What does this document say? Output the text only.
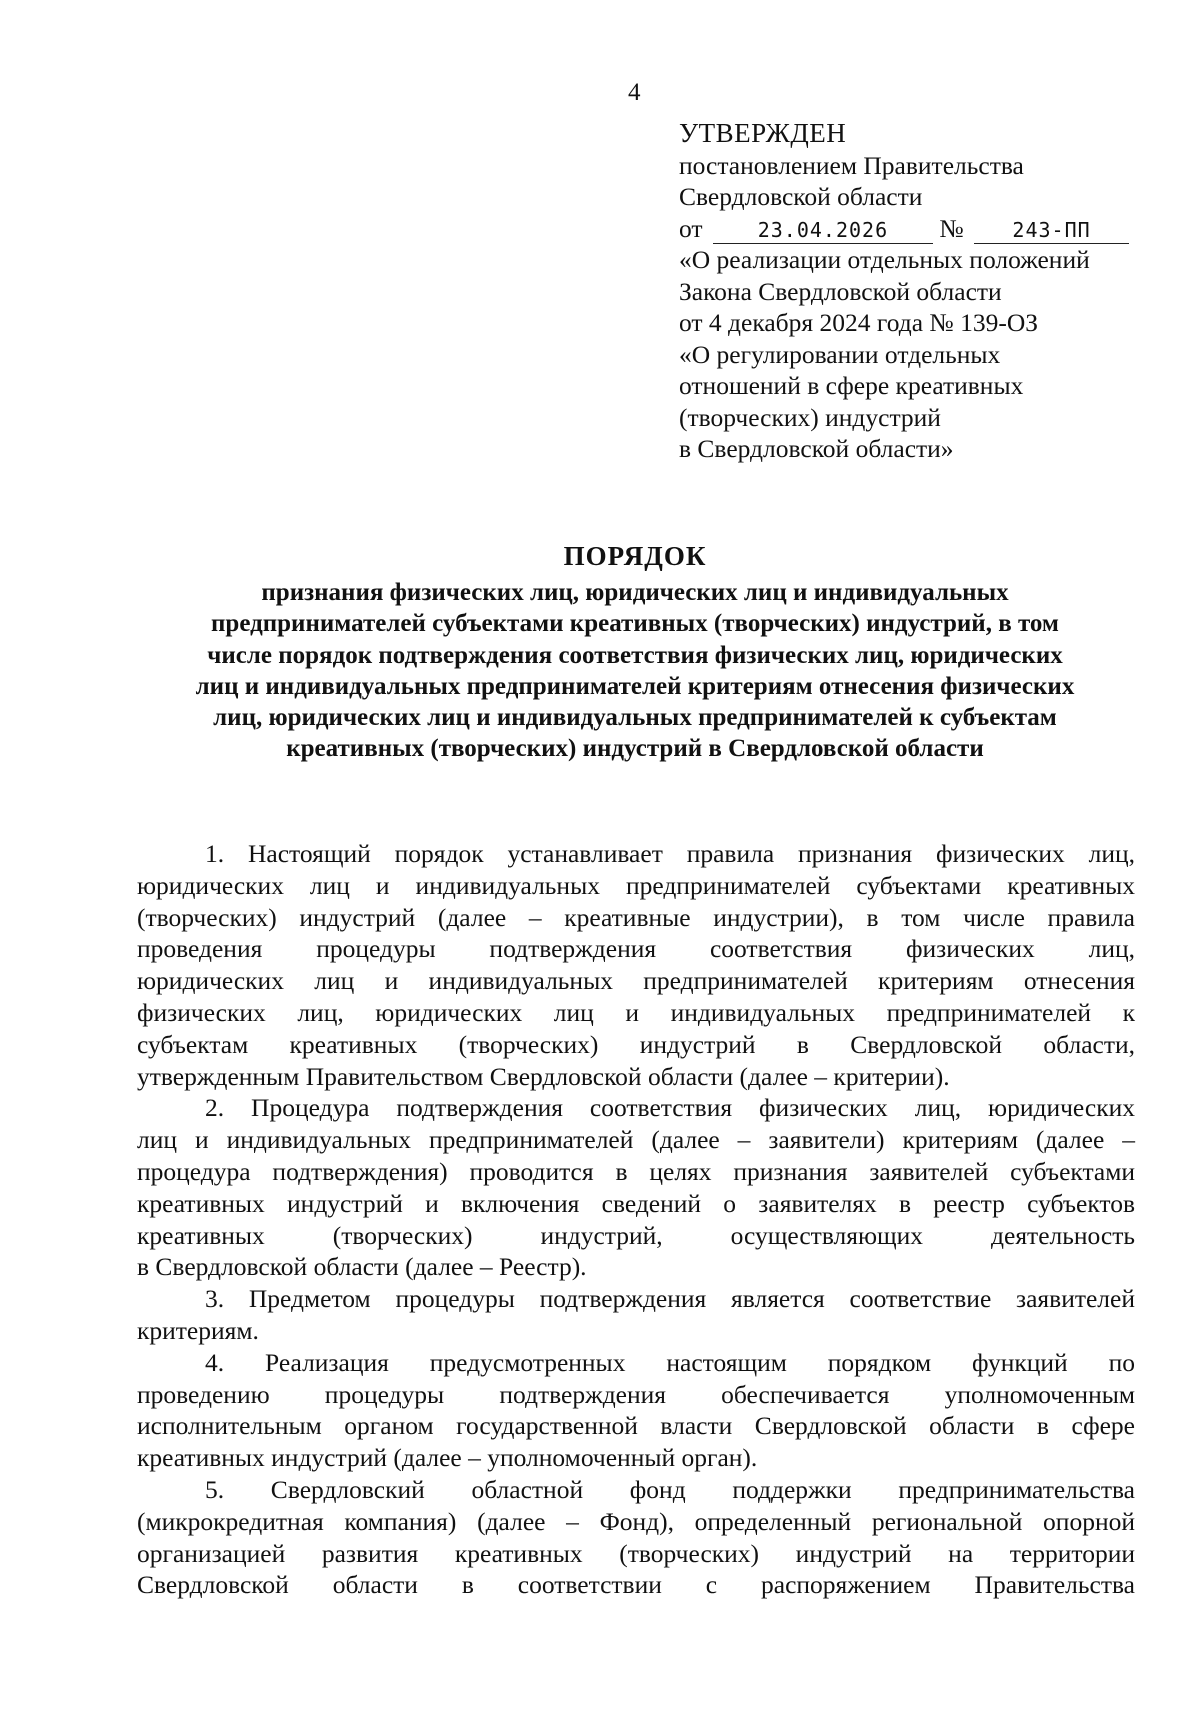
4
УТВЕРЖДЕН
постановлением Правительства
Свердловской области
от	23.04.2026 № 243-ПП
«О реализации отдельных положений
Закона Свердловской области
от 4 декабря 2024 года № 139-ОЗ
«О регулировании отдельных
отношений в сфере креативных
(творческих) индустрий
в Свердловской области»
ПОРЯДОК
признания физических лиц, юридических лиц и индивидуальных
предпринимателей субъектами креативных (творческих) индустрий, в том
числе порядок подтверждения соответствия физических лиц, юридических
лиц и индивидуальных предпринимателей критериям отнесения физических
лиц, юридических лиц и индивидуальных предпринимателей к субъектам
креативных (творческих) индустрий в Свердловской области
1. Настоящий порядок устанавливает правила признания физических лиц,
юридических лиц и индивидуальных предпринимателей субъектами креативных
(творческих) индустрий (далее – креативные индустрии), в том числе правила
проведения процедуры подтверждения соответствия физических лиц,
юридических лиц и индивидуальных предпринимателей критериям отнесения
физических лиц, юридических лиц и индивидуальных предпринимателей к
субъектам креативных (творческих) индустрий в Свердловской области,
утвержденным Правительством Свердловской области (далее – критерии).
2. Процедура подтверждения соответствия физических лиц, юридических
лиц и индивидуальных предпринимателей (далее – заявители) критериям (далее –
процедура подтверждения) проводится в целях признания заявителей субъектами
креативных индустрий и включения сведений о заявителях в реестр субъектов
креативных (творческих) индустрий, осуществляющих деятельность
в Свердловской области (далее – Реестр).
3. Предметом процедуры подтверждения является соответствие заявителей
критериям.
4. Реализация предусмотренных настоящим порядком функций по
проведению процедуры подтверждения обеспечивается уполномоченным
исполнительным органом государственной власти Свердловской области в сфере
креативных индустрий (далее – уполномоченный орган).
5. Свердловский областной фонд поддержки предпринимательства
(микрокредитная компания) (далее – Фонд), определенный региональной опорной
организацией развития креативных (творческих) индустрий на территории
Свердловской области в соответствии с распоряжением Правительства
